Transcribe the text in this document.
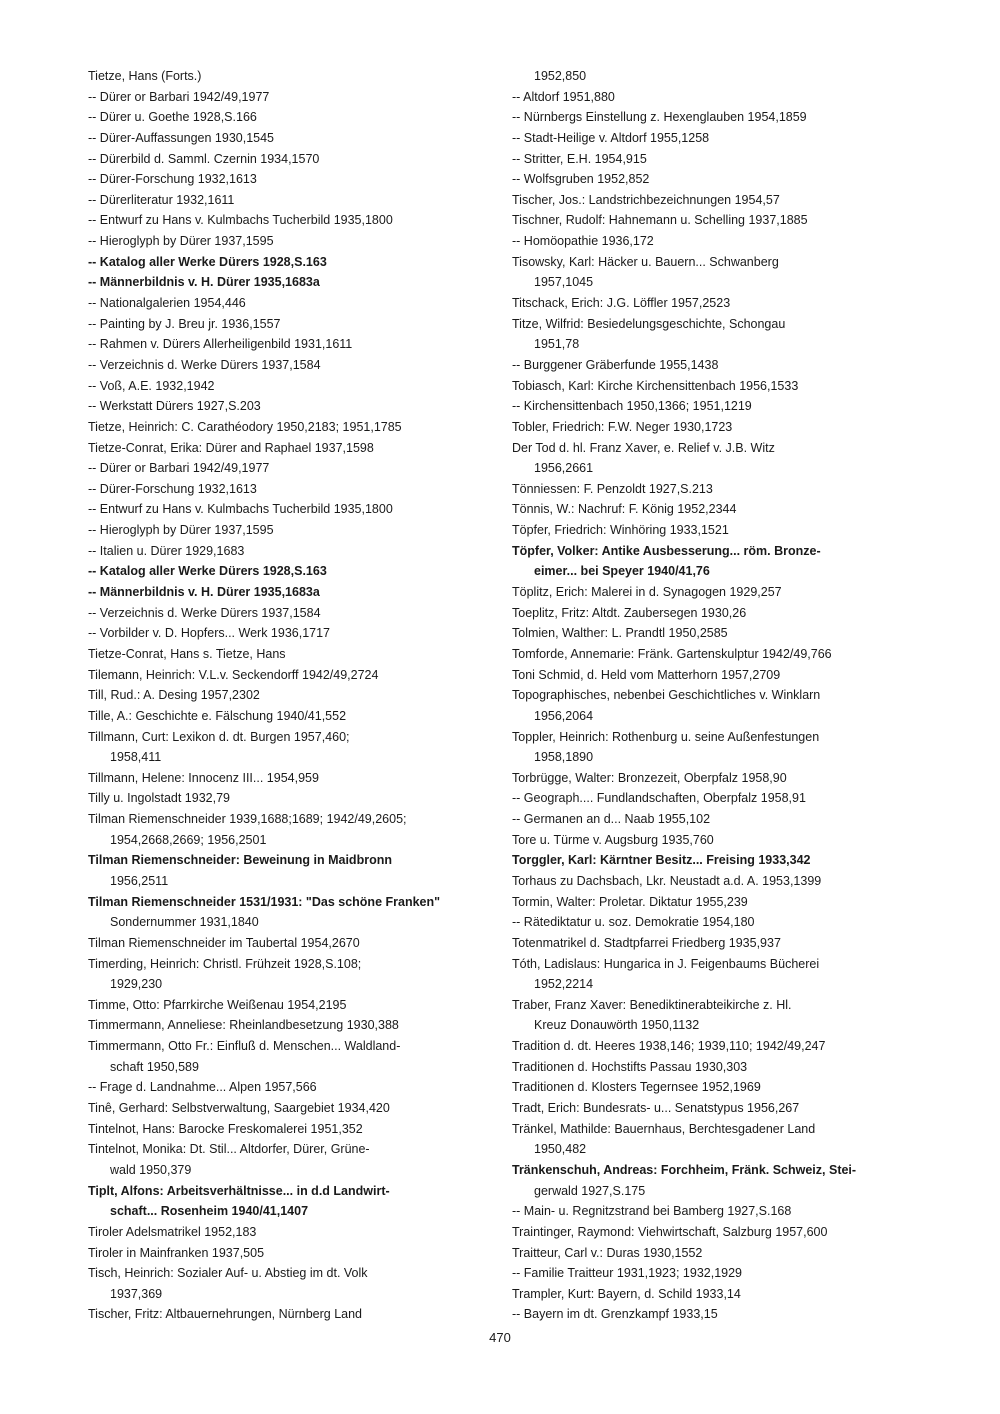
Tietze, Hans (Forts.)
-- Dürer or Barbari 1942/49,1977
-- Dürer u. Goethe 1928,S.166
-- Dürer-Auffassungen 1930,1545
-- Dürerbild d. Samml. Czernin 1934,1570
-- Dürer-Forschung 1932,1613
-- Dürerliteratur 1932,1611
-- Entwurf zu Hans v. Kulmbachs Tucherbild 1935,1800
-- Hieroglyph by Dürer 1937,1595
-- Katalog aller Werke Dürers 1928,S.163
-- Männerbildnis v. H. Dürer 1935,1683a
-- Nationalgalerien 1954,446
-- Painting by J. Breu jr. 1936,1557
-- Rahmen v. Dürers Allerheiligenbild 1931,1611
-- Verzeichnis d. Werke Dürers 1937,1584
-- Voß, A.E. 1932,1942
-- Werkstatt Dürers 1927,S.203
Tietze, Heinrich: C. Carathéodory 1950,2183; 1951,1785
Tietze-Conrat, Erika: Dürer and Raphael 1937,1598
-- Dürer or Barbari 1942/49,1977
-- Dürer-Forschung 1932,1613
-- Entwurf zu Hans v. Kulmbachs Tucherbild 1935,1800
-- Hieroglyph by Dürer 1937,1595
-- Italien u. Dürer 1929,1683
-- Katalog aller Werke Dürers 1928,S.163
-- Männerbildnis v. H. Dürer 1935,1683a
-- Verzeichnis d. Werke Dürers 1937,1584
-- Vorbilder v. D. Hopfers... Werk 1936,1717
Tietze-Conrat, Hans s. Tietze, Hans
Tilemann, Heinrich: V.L.v. Seckendorff 1942/49,2724
Till, Rud.: A. Desing 1957,2302
Tille, A.: Geschichte e. Fälschung 1940/41,552
Tillmann, Curt: Lexikon d. dt. Burgen 1957,460;
1958,411
Tillmann, Helene: Innocenz III... 1954,959
Tilly u. Ingolstadt 1932,79
Tilman Riemenschneider 1939,1688;1689; 1942/49,2605;
1954,2668,2669; 1956,2501
Tilman Riemenschneider: Beweinung in Maidbronn
1956,2511
Tilman Riemenschneider 1531/1931: "Das schöne Franken"
Sondernummer 1931,1840
Tilman Riemenschneider im Taubertal 1954,2670
Timerding, Heinrich: Christl. Frühzeit 1928,S.108;
1929,230
Timme, Otto: Pfarrkirche Weißenau 1954,2195
Timmermann, Anneliese: Rheinlandbesetzung 1930,388
Timmermann, Otto Fr.: Einfluß d. Menschen... Waldland-
schaft 1950,589
-- Frage d. Landnahme... Alpen 1957,566
Tinê, Gerhard: Selbstverwaltung, Saargebiet 1934,420
Tintelnot, Hans: Barocke Freskomalerei 1951,352
Tintelnot, Monika: Dt. Stil... Altdorfer, Dürer, Grüne-
wald 1950,379
Tiplt, Alfons: Arbeitsverhältnisse... in d.d Landwirt-
schaft... Rosenheim 1940/41,1407
Tiroler Adelsmatrikel 1952,183
Tiroler in Mainfranken 1937,505
Tisch, Heinrich: Sozialer Auf- u. Abstieg im dt. Volk
1937,369
Tischer, Fritz: Altbauernehrungen, Nürnberg Land
1952,850
-- Altdorf 1951,880
-- Nürnbergs Einstellung z. Hexenglauben 1954,1859
-- Stadt-Heilige v. Altdorf 1955,1258
-- Stritter, E.H. 1954,915
-- Wolfsgruben 1952,852
Tischer, Jos.: Landstrichbezeichnungen 1954,57
Tischner, Rudolf: Hahnemann u. Schelling 1937,1885
-- Homöopathie 1936,172
Tisowsky, Karl: Häcker u. Bauern... Schwanberg
1957,1045
Titschack, Erich: J.G. Löffler 1957,2523
Titze, Wilfrid: Besiedelungsgeschichte, Schongau
1951,78
-- Burggener Gräberfunde 1955,1438
Tobiasch, Karl: Kirche Kirchensittenbach 1956,1533
-- Kirchensittenbach 1950,1366; 1951,1219
Tobler, Friedrich: F.W. Neger 1930,1723
Der Tod d. hl. Franz Xaver, e. Relief v. J.B. Witz
1956,2661
Tönniessen: F. Penzoldt 1927,S.213
Tönnis, W.: Nachruf: F. König 1952,2344
Töpfer, Friedrich: Winhöring 1933,1521
Töpfer, Volker: Antike Ausbesserung... röm. Bronze-
eimer... bei Speyer 1940/41,76
Töplitz, Erich: Malerei in d. Synagogen 1929,257
Toeplitz, Fritz: Altdt. Zaubersegen 1930,26
Tolmien, Walther: L. Prandtl 1950,2585
Tomforde, Annemarie: Fränk. Gartenskulptur 1942/49,766
Toni Schmid, d. Held vom Matterhorn 1957,2709
Topographisches, nebenbei Geschichtliches v. Winklarn
1956,2064
Toppler, Heinrich: Rothenburg u. seine Außenfestungen
1958,1890
Torbrügge, Walter: Bronzezeit, Oberpfalz 1958,90
-- Geograph.... Fundlandschaften, Oberpfalz 1958,91
-- Germanen an d... Naab 1955,102
Tore u. Türme v. Augsburg 1935,760
Torggler, Karl: Kärntner Besitz... Freising 1933,342
Torhaus zu Dachsbach, Lkr. Neustadt a.d. A. 1953,1399
Tormin, Walter: Proletar. Diktatur 1955,239
-- Rätediktatur u. soz. Demokratie 1954,180
Totenmatrikel d. Stadtpfarrei Friedberg 1935,937
Tóth, Ladislaus: Hungarica in J. Feigenbaums Bücherei
1952,2214
Traber, Franz Xaver: Benediktinerabteikirche z. Hl.
Kreuz Donauwörth 1950,1132
Tradition d. dt. Heeres 1938,146; 1939,110; 1942/49,247
Traditionen d. Hochstifts Passau 1930,303
Traditionen d. Klosters Tegernsee 1952,1969
Tradt, Erich: Bundesrats- u... Senatstypus 1956,267
Tränkel, Mathilde: Bauernhaus, Berchtesgadener Land
1950,482
Tränkenschuh, Andreas: Forchheim, Fränk. Schweiz, Stei-
gerwald 1927,S.175
-- Main- u. Regnitzstrand bei Bamberg 1927,S.168
Traintinger, Raymond: Viehwirtschaft, Salzburg 1957,600
Traitteur, Carl v.: Duras 1930,1552
-- Familie Traitteur 1931,1923; 1932,1929
Trampler, Kurt: Bayern, d. Schild 1933,14
-- Bayern im dt. Grenzkampf 1933,15
470
